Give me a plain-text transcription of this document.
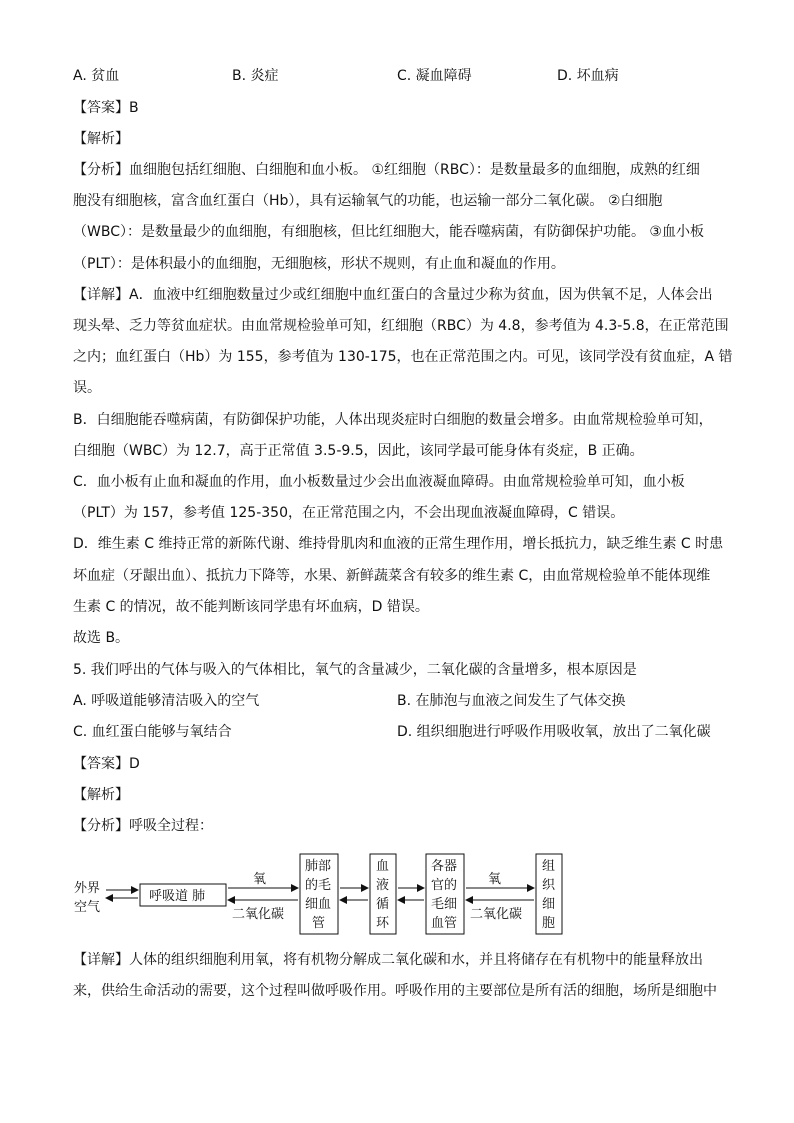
A. 贫血	B. 炎症	C. 凝血障碍	D. 坏血病
【答案】B
【解析】
【分析】血细胞包括红细胞、白细胞和血小板。 ①红细胞（RBC）：是数量最多的血细胞，成熟的红细
胞没有细胞核，富含血红蛋白（Hb），具有运输氧气的功能，也运输一部分二氧化碳。 ②白细胞
（WBC）：是数量最少的血细胞，有细胞核，但比红细胞大，能吞噬病菌，有防御保护功能。 ③血小板
（PLT）：是体积最小的血细胞，无细胞核，形状不规则，有止血和凝血的作用。
【详解】A．血液中红细胞数量过少或红细胞中血红蛋白的含量过少称为贫血，因为供氧不足，人体会出
现头晕、乏力等贫血症状。由血常规检验单可知，红细胞（RBC）为 4.8，参考值为 4.3-5.8，在正常范围
之内；血红蛋白（Hb）为 155，参考值为 130-175，也在正常范围之内。可见，该同学没有贫血症，A 错
误。
B．白细胞能吞噬病菌，有防御保护功能，人体出现炎症时白细胞的数量会增多。由血常规检验单可知，
白细胞（WBC）为 12.7，高于正常值 3.5-9.5，因此，该同学最可能身体有炎症，B 正确。
C．血小板有止血和凝血的作用，血小板数量过少会出血液凝血障碍。由血常规检验单可知，血小板
（PLT）为 157，参考值 125-350，在正常范围之内，不会出现血液凝血障碍，C 错误。
D．维生素 C 维持正常的新陈代谢、维持骨肌肉和血液的正常生理作用，增长抵抗力，缺乏维生素 C 时患
坏血症（牙龈出血）、抵抗力下降等，水果、新鲜蔬菜含有较多的维生素 C，由血常规检验单不能体现维
生素 C 的情况，故不能判断该同学患有坏血病，D 错误。
故选 B。
5. 我们呼出的气体与吸入的气体相比，氧气的含量减少，二氧化碳的含量增多，根本原因是
A. 呼吸道能够清洁吸入的空气	B. 在肺泡与血液之间发生了气体交换
C. 血红蛋白能够与氧结合	D. 组织细胞进行呼吸作用吸收氧，放出了二氧化碳
【答案】D
【解析】
【分析】呼吸全过程：
外界
空气
呼吸道 肺
氧
二氧化碳
肺部
的毛
细血
管
血
液
循
环
各器
官的
毛细
血管
氧
二氧化碳
组
织
细
胞
【详解】人体的组织细胞利用氧，将有机物分解成二氧化碳和水，并且将储存在有机物中的能量释放出
来，供给生命活动的需要，这个过程叫做呼吸作用。呼吸作用的主要部位是所有活的细胞，场所是细胞中
